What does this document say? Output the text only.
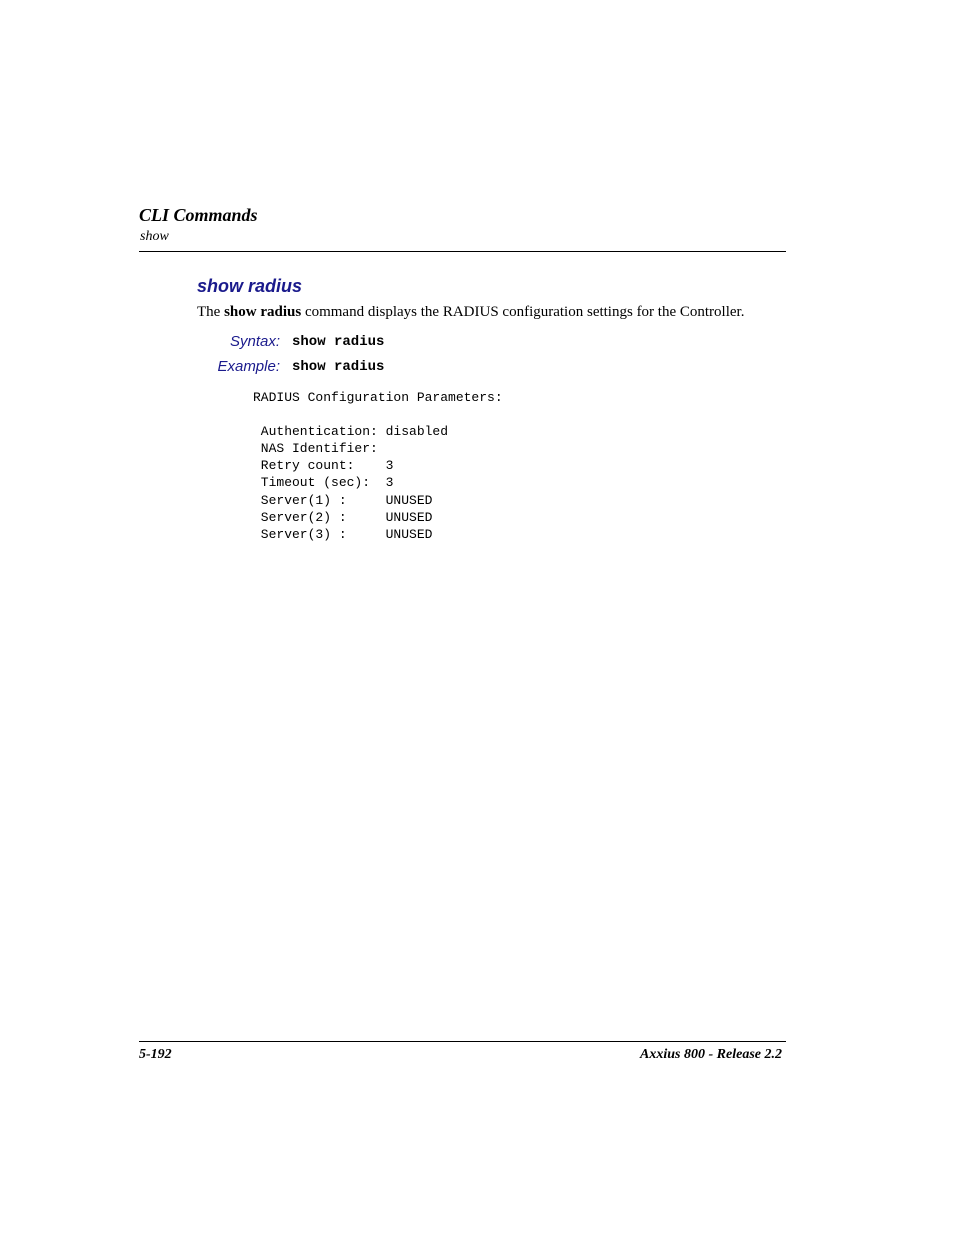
CLI Commands
show
show radius
The show radius command displays the RADIUS configuration settings for the Controller.
Syntax: show radius
Example: show radius
RADIUS Configuration Parameters:

Authentication: disabled
NAS Identifier:
Retry count:    3
Timeout (sec):  3
Server(1) :     UNUSED
Server(2) :     UNUSED
Server(3) :     UNUSED
5-192	Axxius 800 - Release 2.2
